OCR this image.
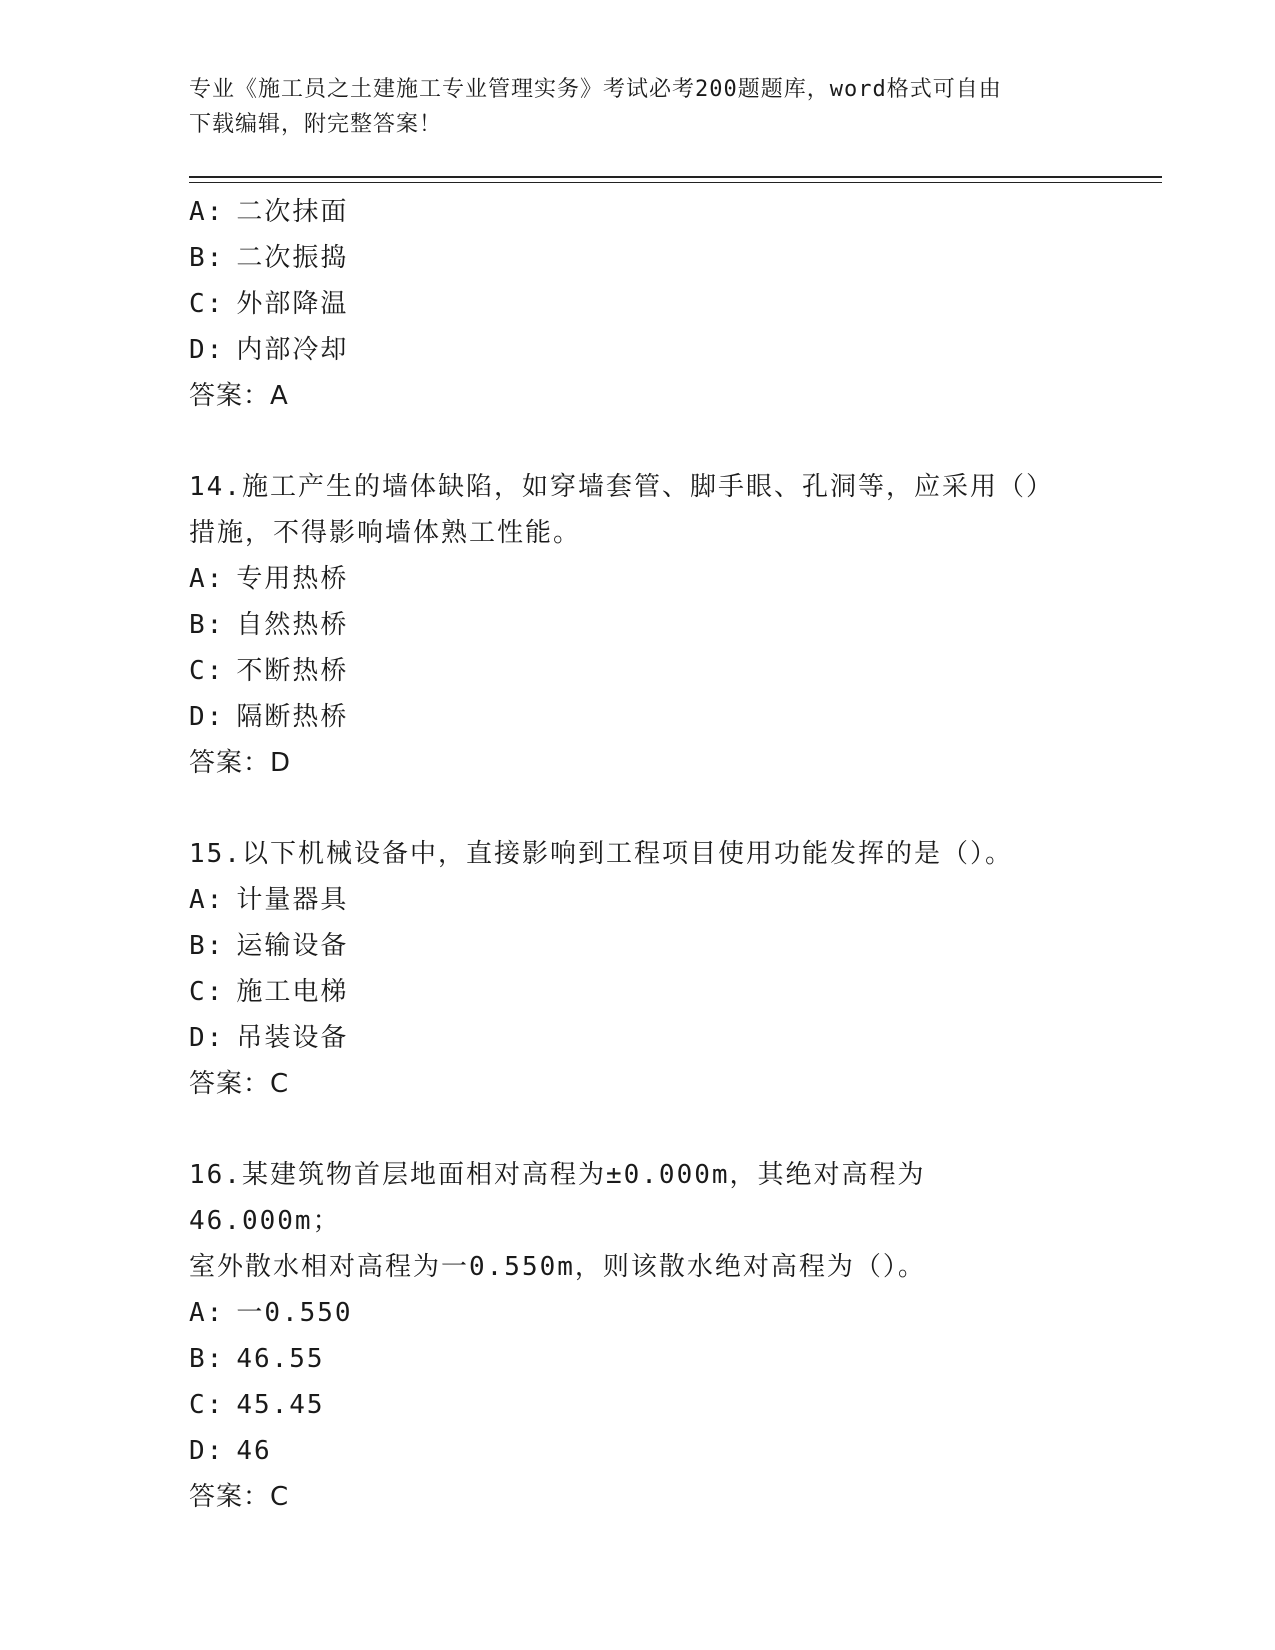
专业《施工员之土建施工专业管理实务》考试必考200题题库，word格式可自由
下载编辑，附完整答案！
A: 二次抹面
B: 二次振捣
C: 外部降温
D: 内部冷却
答案：A
14.施工产生的墙体缺陷，如穿墙套管、脚手眼、孔洞等，应采用（）
措施，不得影响墙体熟工性能。
A: 专用热桥
B: 自然热桥
C: 不断热桥
D: 隔断热桥
答案：D
15.以下机械设备中，直接影响到工程项目使用功能发挥的是（）。
A: 计量器具
B: 运输设备
C: 施工电梯
D: 吊装设备
答案：C
16.某建筑物首层地面相对高程为±0.000m，其绝对高程为46.000m；
室外散水相对高程为一0.550m，则该散水绝对高程为（）。
A: 一0.550
B: 46.55
C: 45.45
D: 46
答案：C
